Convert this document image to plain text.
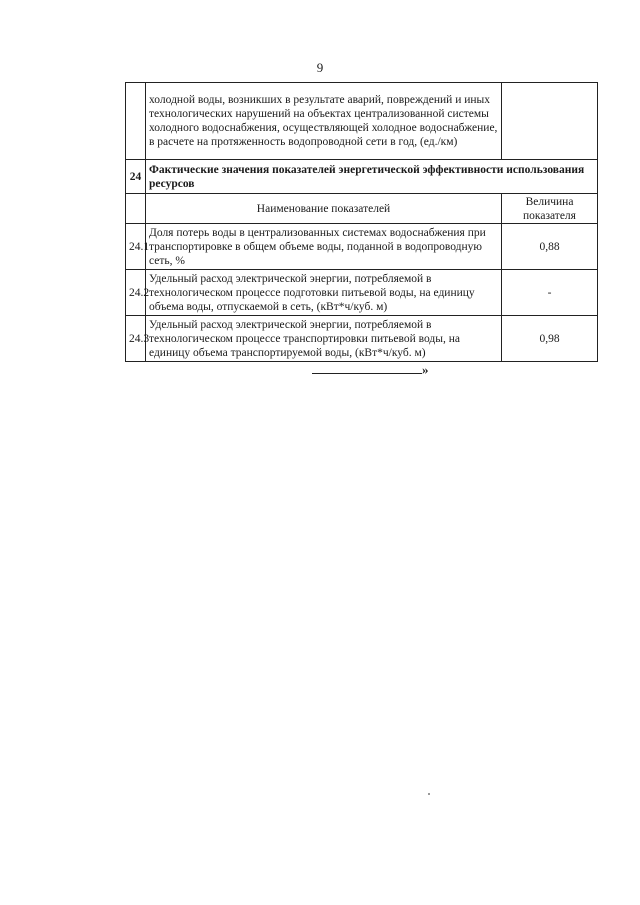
9
	холодной воды, возникших в результате аварий, повреждений и иных технологических нарушений на объектах централизованной системы холодного водоснабжения, осуществляющей холодное водоснабжение, в расчете на протяженность водопроводной сети в год, (ед./км)	
24	Фактические значения показателей энергетической эффективности использования ресурсов	
	Наименование показателей	Величина показателя
24.1	Доля потерь воды в централизованных системах водоснабжения при транспортировке в общем объеме воды, поданной в водопроводную сеть, %	0,88
24.2	Удельный расход электрической энергии, потребляемой в технологическом процессе подготовки питьевой воды, на единицу объема воды, отпускаемой в сеть, (кВт*ч/куб. м)	-
24.3	Удельный расход электрической энергии, потребляемой в технологическом процессе транспортировки питьевой воды, на единицу объема транспортируемой воды, (кВт*ч/куб. м)	0,98
»
